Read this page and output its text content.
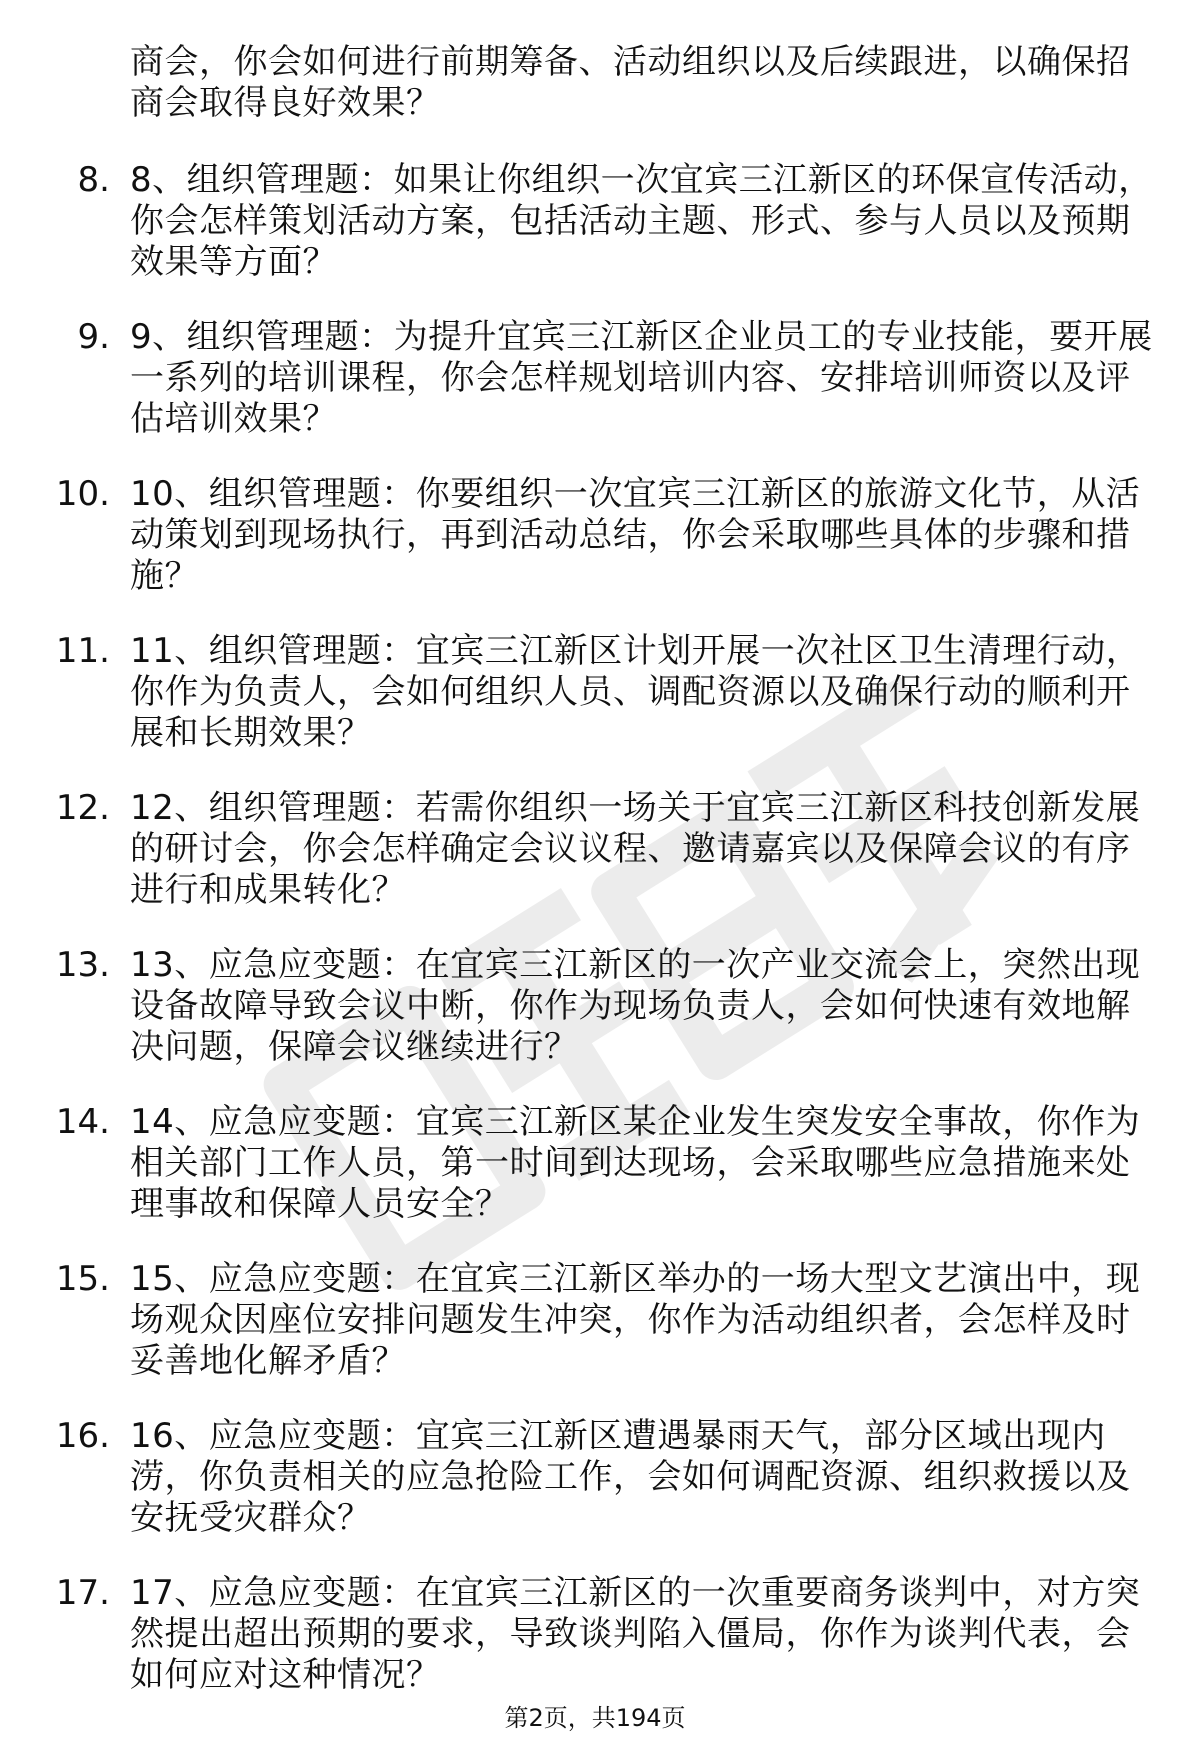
商会，你会如何进行前期筹备、活动组织以及后续跟进，以确保招商会取得良好效果？
8. 8、组织管理题：如果让你组织一次宜宾三江新区的环保宣传活动，你会怎样策划活动方案，包括活动主题、形式、参与人员以及预期效果等方面？
9. 9、组织管理题：为提升宜宾三江新区企业员工的专业技能，要开展一系列的培训课程，你会怎样规划培训内容、安排培训师资以及评估培训效果？
10. 10、组织管理题：你要组织一次宜宾三江新区的旅游文化节，从活动策划到现场执行，再到活动总结，你会采取哪些具体的步骤和措施？
11. 11、组织管理题：宜宾三江新区计划开展一次社区卫生清理行动，你作为负责人，会如何组织人员、调配资源以及确保行动的顺利开展和长期效果？
12. 12、组织管理题：若需你组织一场关于宜宾三江新区科技创新发展的研讨会，你会怎样确定会议议程、邀请嘉宾以及保障会议的有序进行和成果转化？
13. 13、应急应变题：在宜宾三江新区的一次产业交流会上，突然出现设备故障导致会议中断，你作为现场负责人，会如何快速有效地解决问题，保障会议继续进行？
14. 14、应急应变题：宜宾三江新区某企业发生突发安全事故，你作为相关部门工作人员，第一时间到达现场，会采取哪些应急措施来处理事故和保障人员安全？
15. 15、应急应变题：在宜宾三江新区举办的一场大型文艺演出中，现场观众因座位安排问题发生冲突，你作为活动组织者，会怎样及时妥善地化解矛盾？
16. 16、应急应变题：宜宾三江新区遭遇暴雨天气，部分区域出现内涝，你负责相关的应急抢险工作，会如何调配资源、组织救援以及安抚受灾群众？
17. 17、应急应变题：在宜宾三江新区的一次重要商务谈判中，对方突然提出超出预期的要求，导致谈判陷入僵局，你作为谈判代表，会如何应对这种情况？
第2页，共194页
